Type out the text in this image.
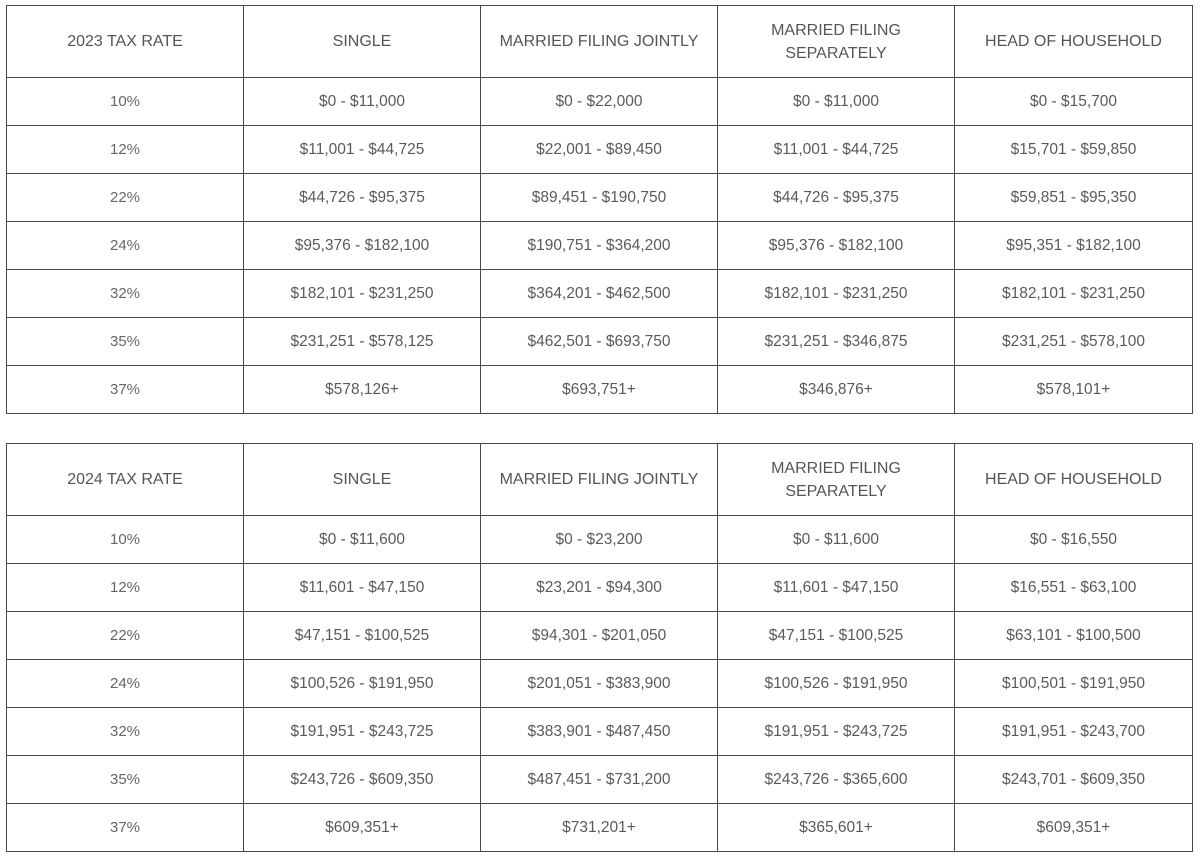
2023 TAX RATE	SINGLE	MARRIED FILING JOINTLY	MARRIED FILING SEPARATELY	HEAD OF HOUSEHOLD
10%	$0 - $11,000	$0 - $22,000	$0 - $11,000	$0 - $15,700
12%	$11,001 - $44,725	$22,001 - $89,450	$11,001 - $44,725	$15,701 - $59,850
22%	$44,726 - $95,375	$89,451 - $190,750	$44,726 - $95,375	$59,851 - $95,350
24%	$95,376 - $182,100	$190,751 - $364,200	$95,376 - $182,100	$95,351 - $182,100
32%	$182,101 - $231,250	$364,201 - $462,500	$182,101 - $231,250	$182,101 - $231,250
35%	$231,251 - $578,125	$462,501 - $693,750	$231,251 - $346,875	$231,251 - $578,100
37%	$578,126+	$693,751+	$346,876+	$578,101+
2024 TAX RATE	SINGLE	MARRIED FILING JOINTLY	MARRIED FILING SEPARATELY	HEAD OF HOUSEHOLD
10%	$0 - $11,600	$0 - $23,200	$0 - $11,600	$0 - $16,550
12%	$11,601 - $47,150	$23,201 - $94,300	$11,601 - $47,150	$16,551 - $63,100
22%	$47,151 - $100,525	$94,301 - $201,050	$47,151 - $100,525	$63,101 - $100,500
24%	$100,526 - $191,950	$201,051 - $383,900	$100,526 - $191,950	$100,501 - $191,950
32%	$191,951 - $243,725	$383,901 - $487,450	$191,951 - $243,725	$191,951 - $243,700
35%	$243,726 - $609,350	$487,451 - $731,200	$243,726 - $365,600	$243,701 - $609,350
37%	$609,351+	$731,201+	$365,601+	$609,351+
